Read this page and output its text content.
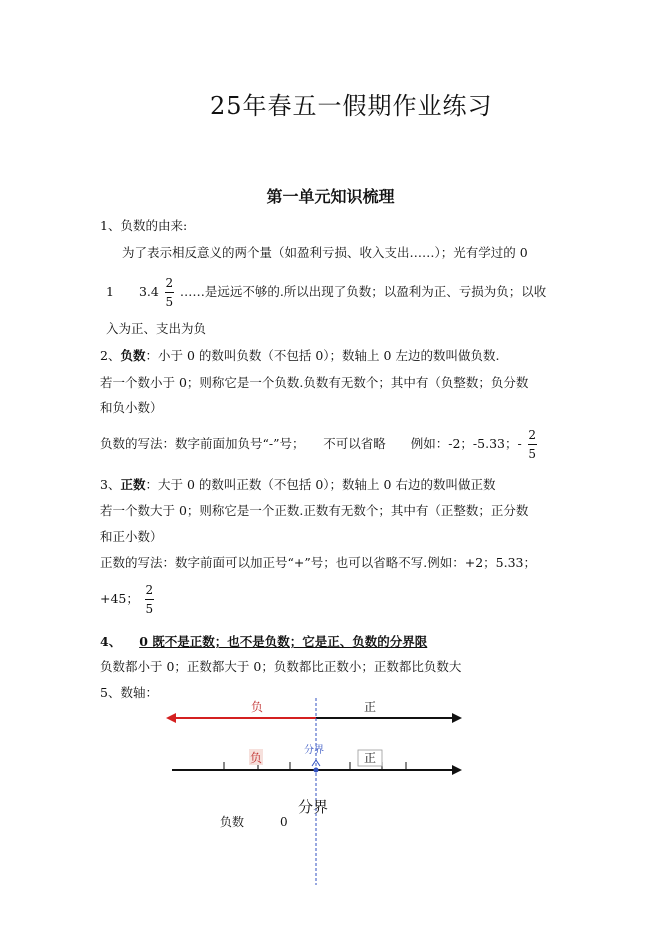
25年春五一假期作业练习
第一单元知识梳理
1、负数的由来:
为了表示相反意义的两个量（如盈利亏损、收入支出……）；光有学过的 0
1　　$3.4 \frac{2}{5}$ ……是远远不够的.所以出现了负数；以盈利为正、亏损为负；以收
入为正、支出为负
2、负数：小于 0 的数叫负数（不包括 0）；数轴上 0 左边的数叫做负数.
若一个数小于 0；则称它是一个负数.负数有无数个；其中有（负整数；负分数
和负小数）
负数的写法：数字前面加负号“-”号；　　不可以省略　　例如：-2；-5.33；- $\frac{2}{5}$
3、正数：大于 0 的数叫正数（不包括 0）；数轴上 0 右边的数叫做正数
若一个数大于 0；则称它是一个正数.正数有无数个；其中有（正整数；正分数
和正小数）
正数的写法：数字前面可以加正号“+”号；也可以省略不写.例如：+2；5.33；
+45； $\frac{2}{5}$
4、 0 既不是正数；也不是负数；它是正、负数的分界限
负数都小于 0；正数都大于 0；负数都比正数小；正数都比负数大
5、数轴：
负	正
负
分界
正
分界
负数	0
